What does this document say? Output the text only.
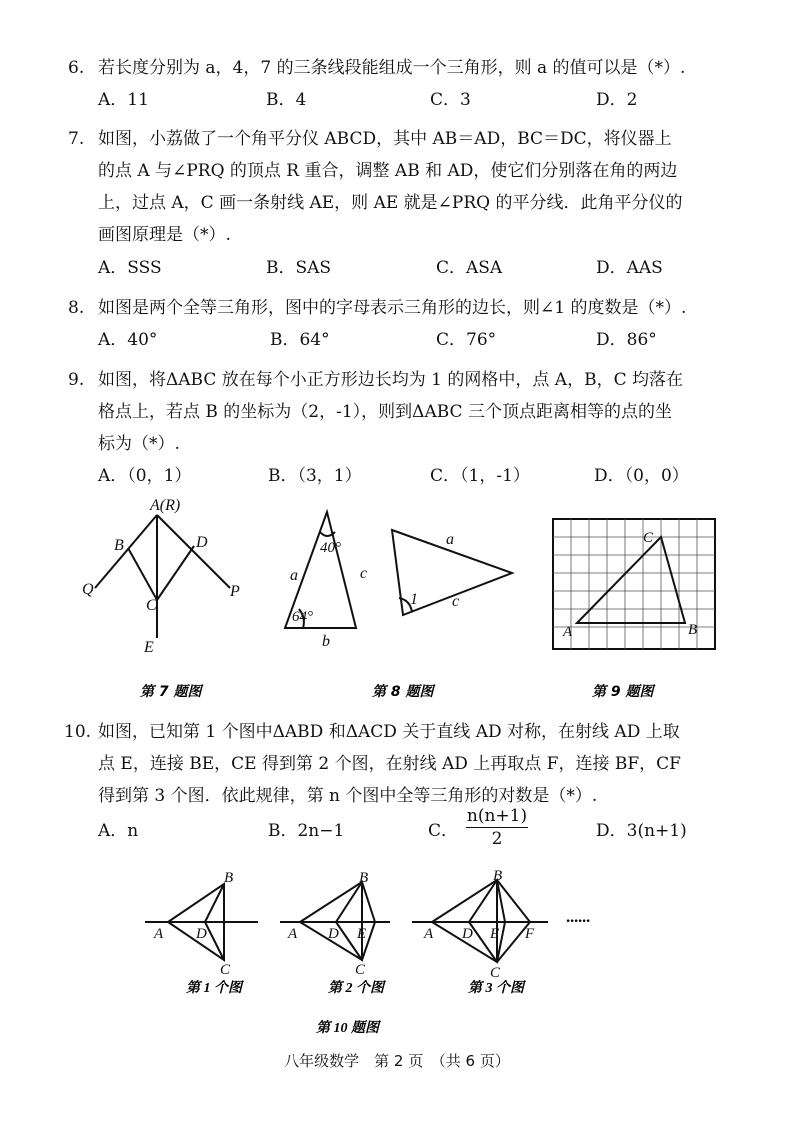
6. 若长度分别为 a，4，7 的三条线段能组成一个三角形，则 a 的值可以是（*）.
A．11	B．4	C．3	D．2
7. 如图，小荔做了一个角平分仪 ABCD，其中 AB＝AD，BC＝DC，将仪器上
的点 A 与∠PRQ 的顶点 R 重合，调整 AB 和 AD，使它们分别落在角的两边
上，过点 A，C 画一条射线 AE，则 AE 就是∠PRQ 的平分线．此角平分仪的
画图原理是（*）.
A．SSS	B．SAS	C．ASA	D．AAS
8. 如图是两个全等三角形，图中的字母表示三角形的边长，则∠1 的度数是（*）.
A．40°	B．64°	C．76°	D．86°
9. 如图，将ΔABC 放在每个小正方形边长均为 1 的网格中，点 A，B，C 均落在
格点上，若点 B 的坐标为（2，-1），则到ΔABC 三个顶点距离相等的点的坐
标为（*）.
A．（0，1）	B．（3，1）	C．（1，-1）	D．（0，0）
A(R)
B	D
C
Q	P
E
第 7 题图
40°
64°
a	c
b
a
c
1
第 8 题图
A
C
B
第 9 题图
10. 如图，已知第 1 个图中ΔABD 和ΔACD 关于直线 AD 对称，在射线 AD 上取
点 E，连接 BE，CE 得到第 2 个图，在射线 AD 上再取点 F，连接 BF，CF
得到第 3 个图．依此规律，第 n 个图中全等三角形的对数是（*）.
A．n	B．2n−1	C． $\frac{n(n+1)}{2}$	D．3(n+1)
B
A D
C
B
A D E
C
B
A D E F
C
······
第 1 个图	第 2 个图	第 3 个图
第 10 题图
八年级数学　第 2 页　（共 6 页）
